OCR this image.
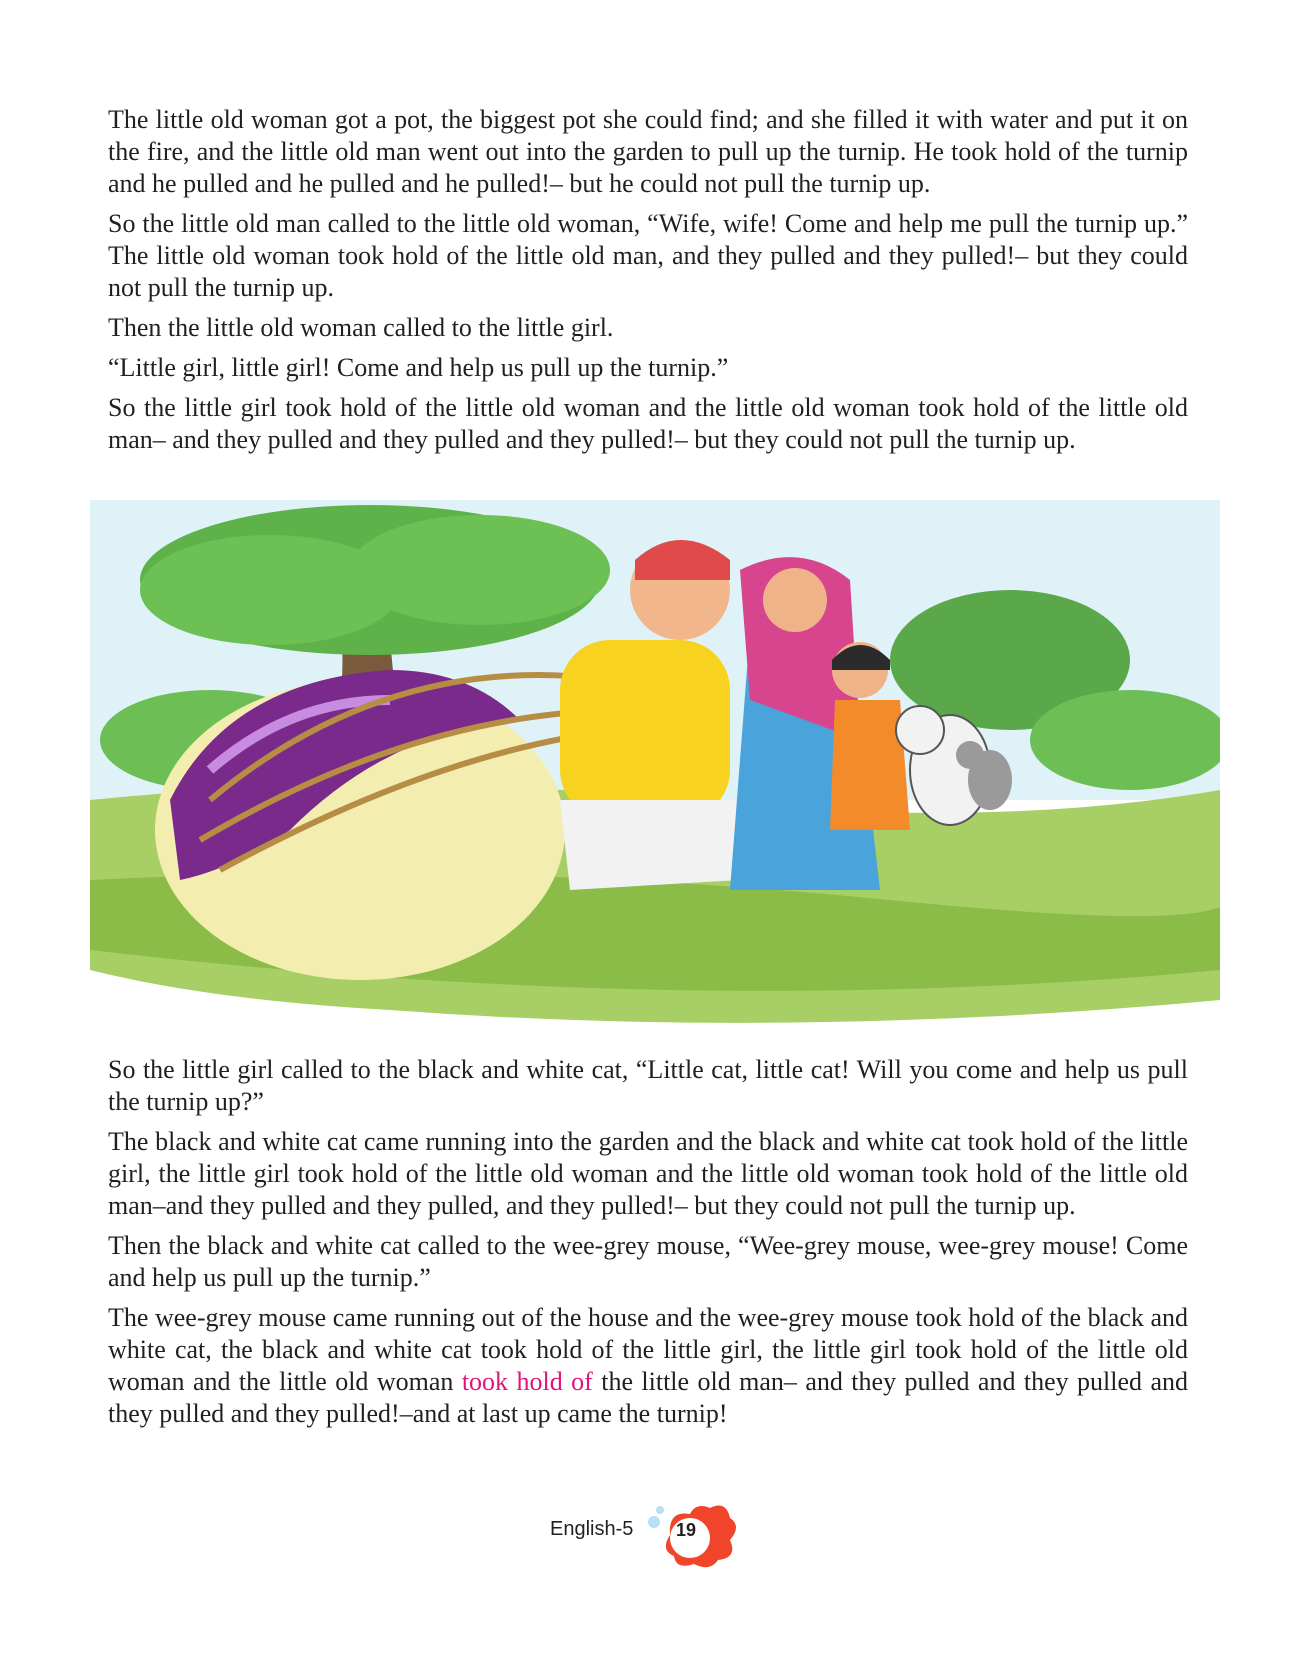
The little old woman got a pot, the biggest pot she could find; and she filled it with water and put it on the fire, and the little old man went out into the garden to pull up the turnip. He took hold of the turnip and he pulled and he pulled and he pulled!– but he could not pull the turnip up.

So the little old man called to the little old woman, “Wife, wife! Come and help me pull the turnip up.” The little old woman took hold of the little old man, and they pulled and they pulled!– but they could not pull the turnip up.

Then the little old woman called to the little girl.

“Little girl, little girl! Come and help us pull up the turnip.”

So the little girl took hold of the little old woman and the little old woman took hold of the little old man– and they pulled and they pulled and they pulled!– but they could not pull the turnip up.

So the little girl called to the black and white cat, “Little cat, little cat! Will you come and help us pull the turnip up?”

The black and white cat came running into the garden and the black and white cat took hold of the little girl, the little girl took hold of the little old woman and the little old woman took hold of the little old man–and they pulled and they pulled, and they pulled!– but they could not pull the turnip up.

Then the black and white cat called to the wee-grey mouse, “Wee-grey mouse, wee-grey mouse! Come and help us pull up the turnip.”

The wee-grey mouse came running out of the house and the wee-grey mouse took hold of the black and white cat, the black and white cat took hold of the little girl, the little girl took hold of the little old woman and the little old woman took hold of the little old man– and they pulled and they pulled and they pulled and they pulled!–and at last up came the turnip!

English-5	19
